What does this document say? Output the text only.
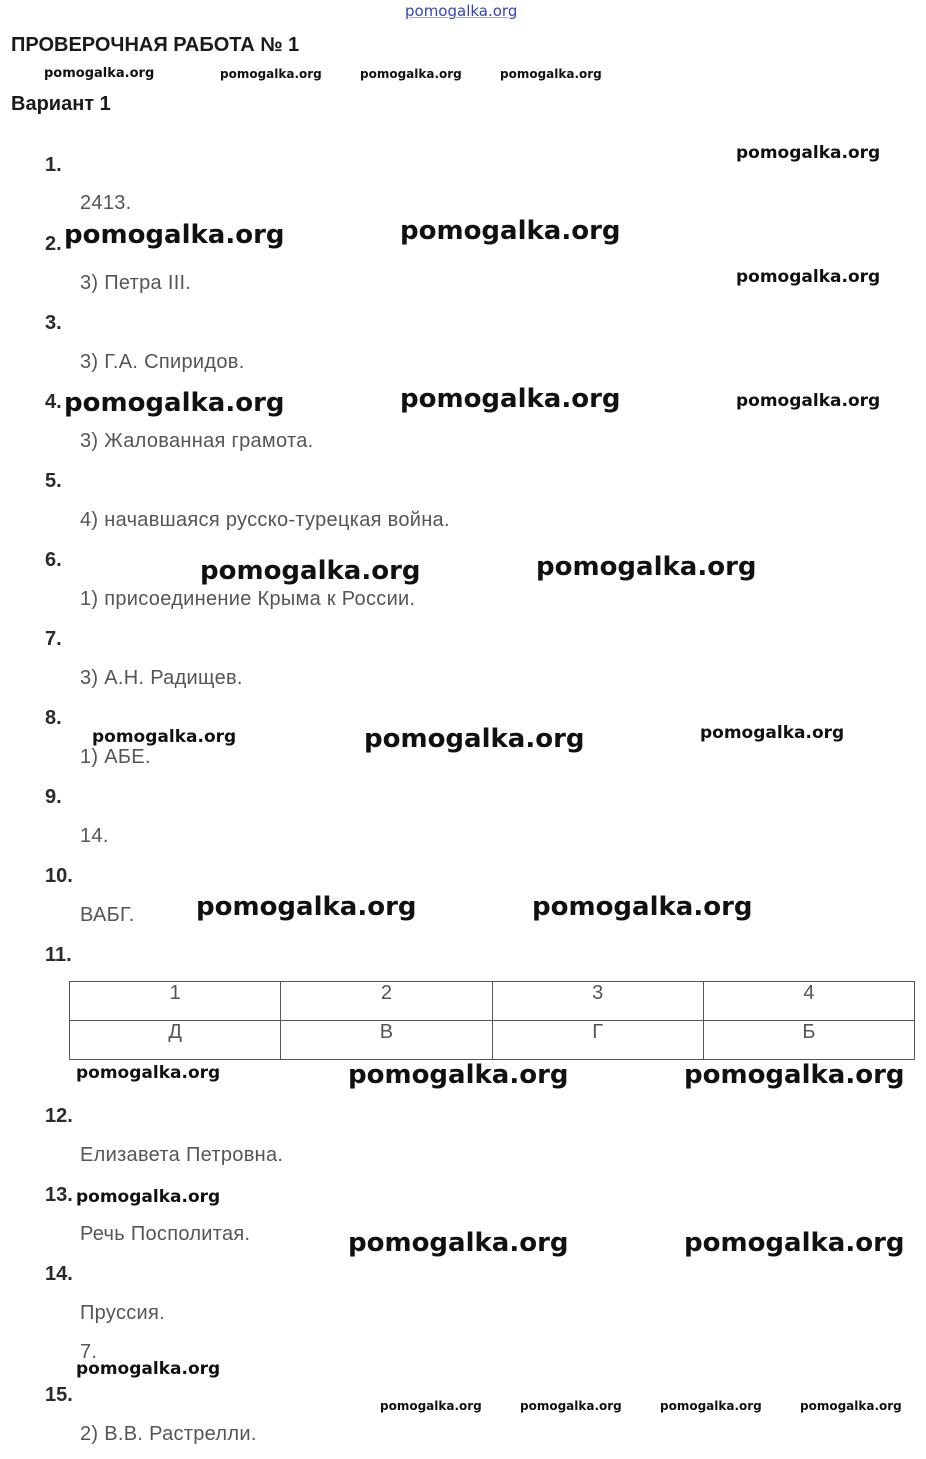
pomogalka.org
ПРОВЕРОЧНАЯ РАБОТА № 1
Вариант 1
pomogalka.org	pomogalka.org	pomogalka.org	pomogalka.org
pomogalka.org
pomogalka.org	pomogalka.org
pomogalka.org
pomogalka.org	pomogalka.org	pomogalka.org
pomogalka.org	pomogalka.org
pomogalka.org	pomogalka.org	pomogalka.org
pomogalka.org	pomogalka.org
pomogalka.org	pomogalka.org	pomogalka.org
pomogalka.org
pomogalka.org	pomogalka.org
pomogalka.org
pomogalka.org	pomogalka.org	pomogalka.org	pomogalka.org
1.
2413.
2.
3) Петра III.
3.
3) Г.А. Спиридов.
4.
3) Жалованная грамота.
5.
4) начавшаяся русско-турецкая война.
6.
1) присоединение Крыма к России.
7.
3) А.Н. Радищев.
8.
1) АБЕ.
9.
14.
10.
ВАБГ.
11.
1	2	3	4
Д	В	Г	Б
12.
Елизавета Петровна.
13.
Речь Посполитая.
14.
Пруссия.
7.
15.
2) В.В. Растрелли.
